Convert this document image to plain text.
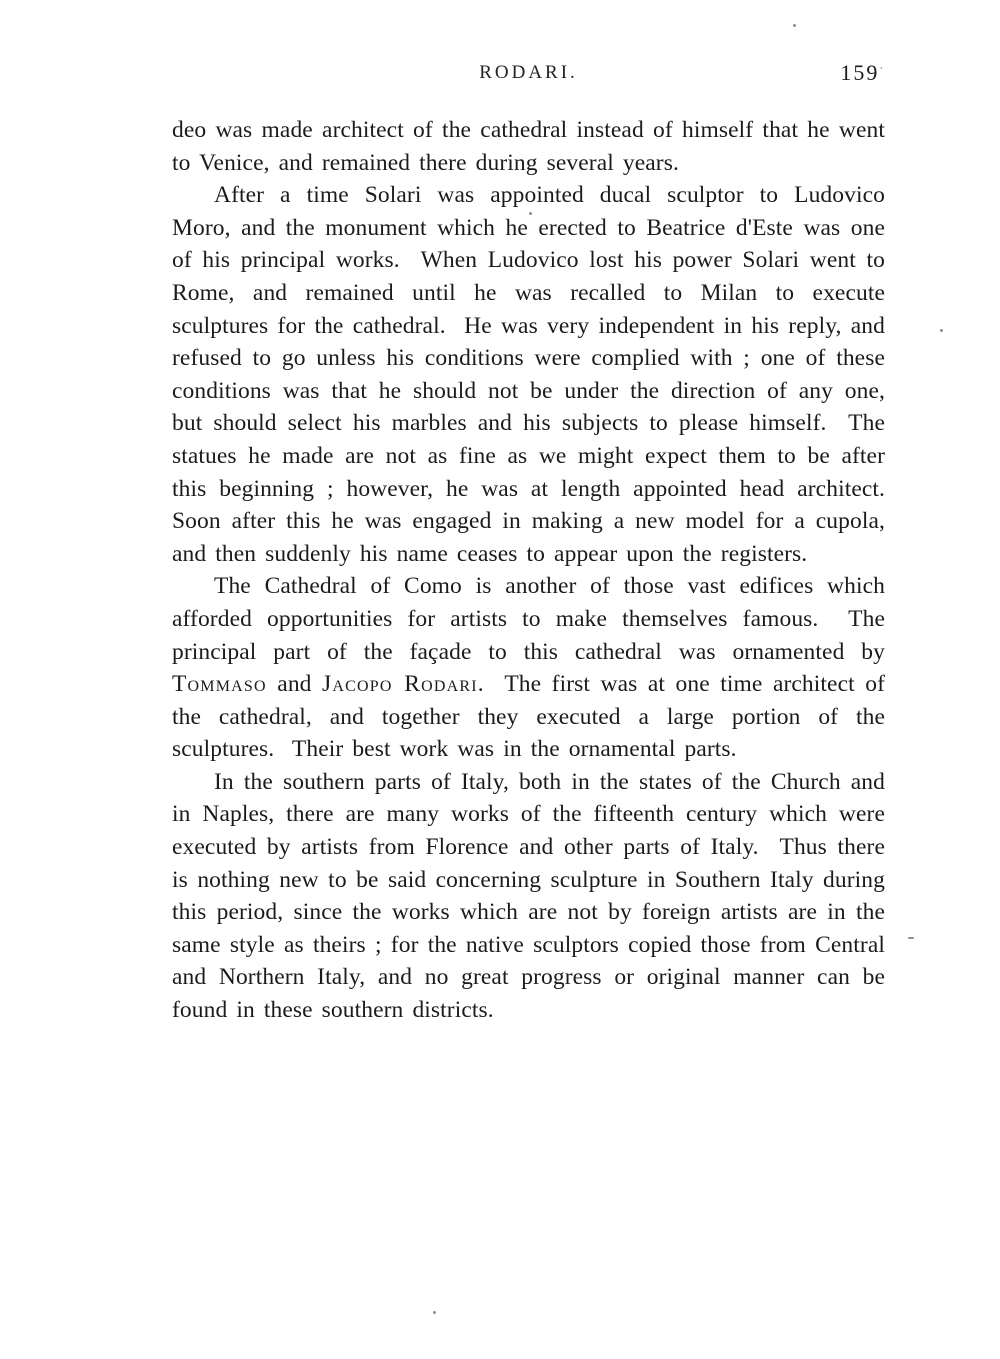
RODARI.	159·

deo was made architect of the cathedral instead of himself that he went to Venice, and remained there during several years.

After a time Solari was appointed ducal sculptor to Ludovico Moro, and the monument which he erected to Beatrice d'Este was one of his principal works.  When Ludovico lost his power Solari went to Rome, and remained until he was recalled to Milan to execute sculptures for the cathedral.  He was very independent in his reply, and refused to go unless his conditions were complied with ; one of these conditions was that he should not be under the direction of any one, but should select his marbles and his subjects to please himself.  The statues he made are not as fine as we might expect them to be after this beginning ; however, he was at length appointed head architect.  Soon after this he was engaged in making a new model for a cupola, and then suddenly his name ceases to appear upon the registers.

The Cathedral of Como is another of those vast edifices which afforded opportunities for artists to make themselves famous.  The principal part of the façade to this cathedral was ornamented by Tommaso and Jacopo Rodari.  The first was at one time architect of the cathedral, and together they executed a large portion of the sculptures.  Their best work was in the ornamental parts.

In the southern parts of Italy, both in the states of the Church and in Naples, there are many works of the fifteenth century which were executed by artists from Florence and other parts of Italy.  Thus there is nothing new to be said concerning sculpture in Southern Italy during this period, since the works which are not by foreign artists are in the same style as theirs ; for the native sculptors copied those from Central and Northern Italy, and no great progress or original manner can be found in these southern districts.
